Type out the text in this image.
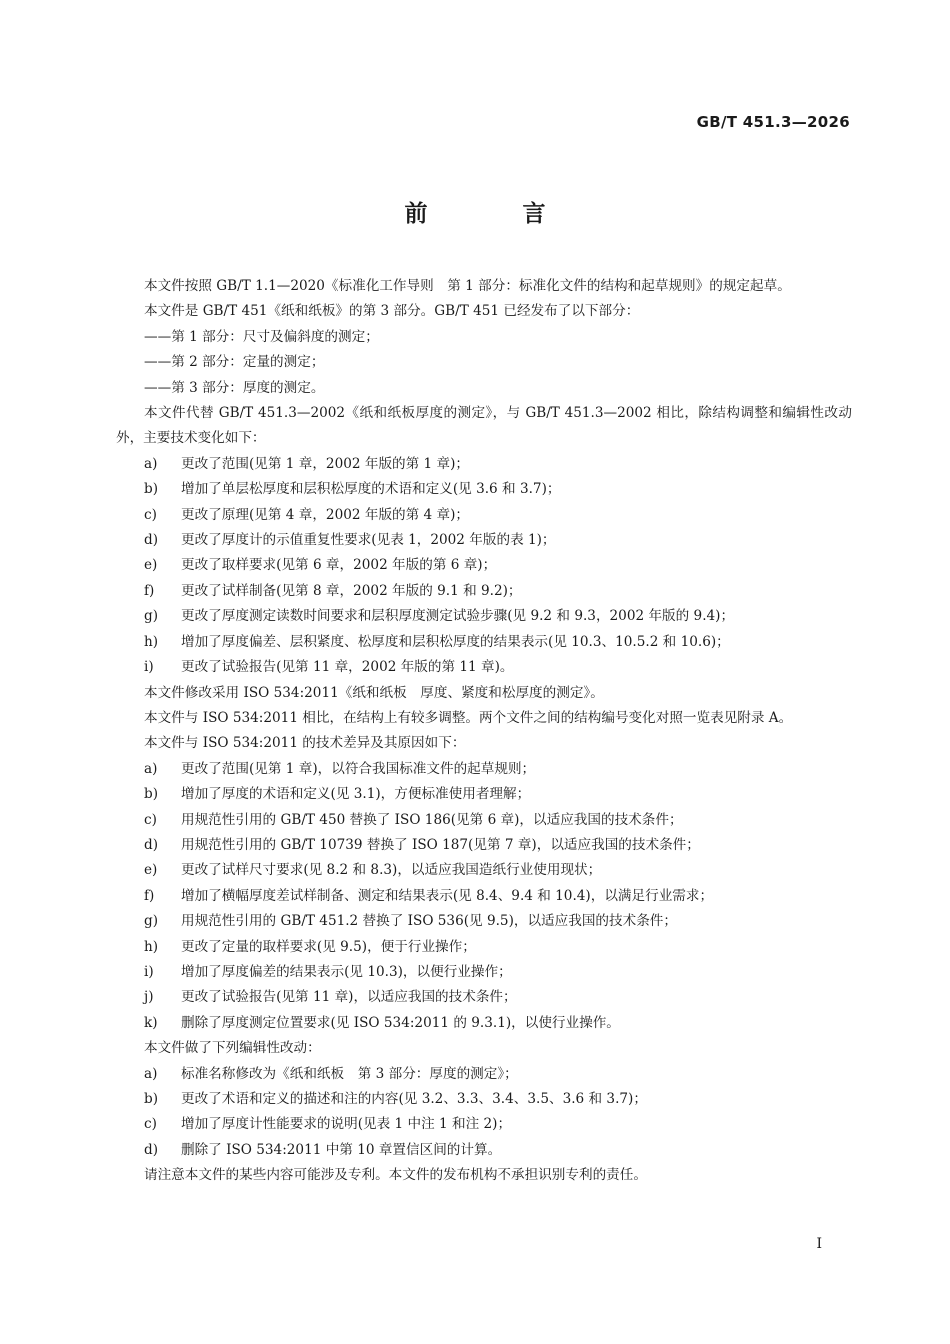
GB/T 451.3—2026
前　言

本文件按照 GB/T 1.1—2020《标准化工作导则　第 1 部分：标准化文件的结构和起草规则》的规定起草。

本文件是 GB/T 451《纸和纸板》的第 3 部分。GB/T 451 已经发布了以下部分：

——第 1 部分：尺寸及偏斜度的测定；

——第 2 部分：定量的测定；

——第 3 部分：厚度的测定。

本文件代替 GB/T 451.3—2002《纸和纸板厚度的测定》，与 GB/T 451.3—2002 相比，除结构调整和编辑性改动外，主要技术变化如下：

a)	更改了范围(见第 1 章，2002 年版的第 1 章)；
b)	增加了单层松厚度和层积松厚度的术语和定义(见 3.6 和 3.7)；
c)	更改了原理(见第 4 章，2002 年版的第 4 章)；
d)	更改了厚度计的示值重复性要求(见表 1，2002 年版的表 1)；
e)	更改了取样要求(见第 6 章，2002 年版的第 6 章)；
f)	更改了试样制备(见第 8 章，2002 年版的 9.1 和 9.2)；
g)	更改了厚度测定读数时间要求和层积厚度测定试验步骤(见 9.2 和 9.3，2002 年版的 9.4)；
h)	增加了厚度偏差、层积紧度、松厚度和层积松厚度的结果表示(见 10.3、10.5.2 和 10.6)；
i)	更改了试验报告(见第 11 章，2002 年版的第 11 章)。

本文件修改采用 ISO 534:2011《纸和纸板　厚度、紧度和松厚度的测定》。

本文件与 ISO 534:2011 相比，在结构上有较多调整。两个文件之间的结构编号变化对照一览表见附录 A。

本文件与 ISO 534:2011 的技术差异及其原因如下：

a)	更改了范围(见第 1 章)，以符合我国标准文件的起草规则；
b)	增加了厚度的术语和定义(见 3.1)，方便标准使用者理解；
c)	用规范性引用的 GB/T 450 替换了 ISO 186(见第 6 章)，以适应我国的技术条件；
d)	用规范性引用的 GB/T 10739 替换了 ISO 187(见第 7 章)，以适应我国的技术条件；
e)	更改了试样尺寸要求(见 8.2 和 8.3)，以适应我国造纸行业使用现状；
f)	增加了横幅厚度差试样制备、测定和结果表示(见 8.4、9.4 和 10.4)，以满足行业需求；
g)	用规范性引用的 GB/T 451.2 替换了 ISO 536(见 9.5)，以适应我国的技术条件；
h)	更改了定量的取样要求(见 9.5)，便于行业操作；
i)	增加了厚度偏差的结果表示(见 10.3)，以便行业操作；
j)	更改了试验报告(见第 11 章)，以适应我国的技术条件；
k)	删除了厚度测定位置要求(见 ISO 534:2011 的 9.3.1)，以使行业操作。

本文件做了下列编辑性改动：

a)	标准名称修改为《纸和纸板　第 3 部分：厚度的测定》；
b)	更改了术语和定义的描述和注的内容(见 3.2、3.3、3.4、3.5、3.6 和 3.7)；
c)	增加了厚度计性能要求的说明(见表 1 中注 1 和注 2)；
d)	删除了 ISO 534:2011 中第 10 章置信区间的计算。

请注意本文件的某些内容可能涉及专利。本文件的发布机构不承担识别专利的责任。

I
